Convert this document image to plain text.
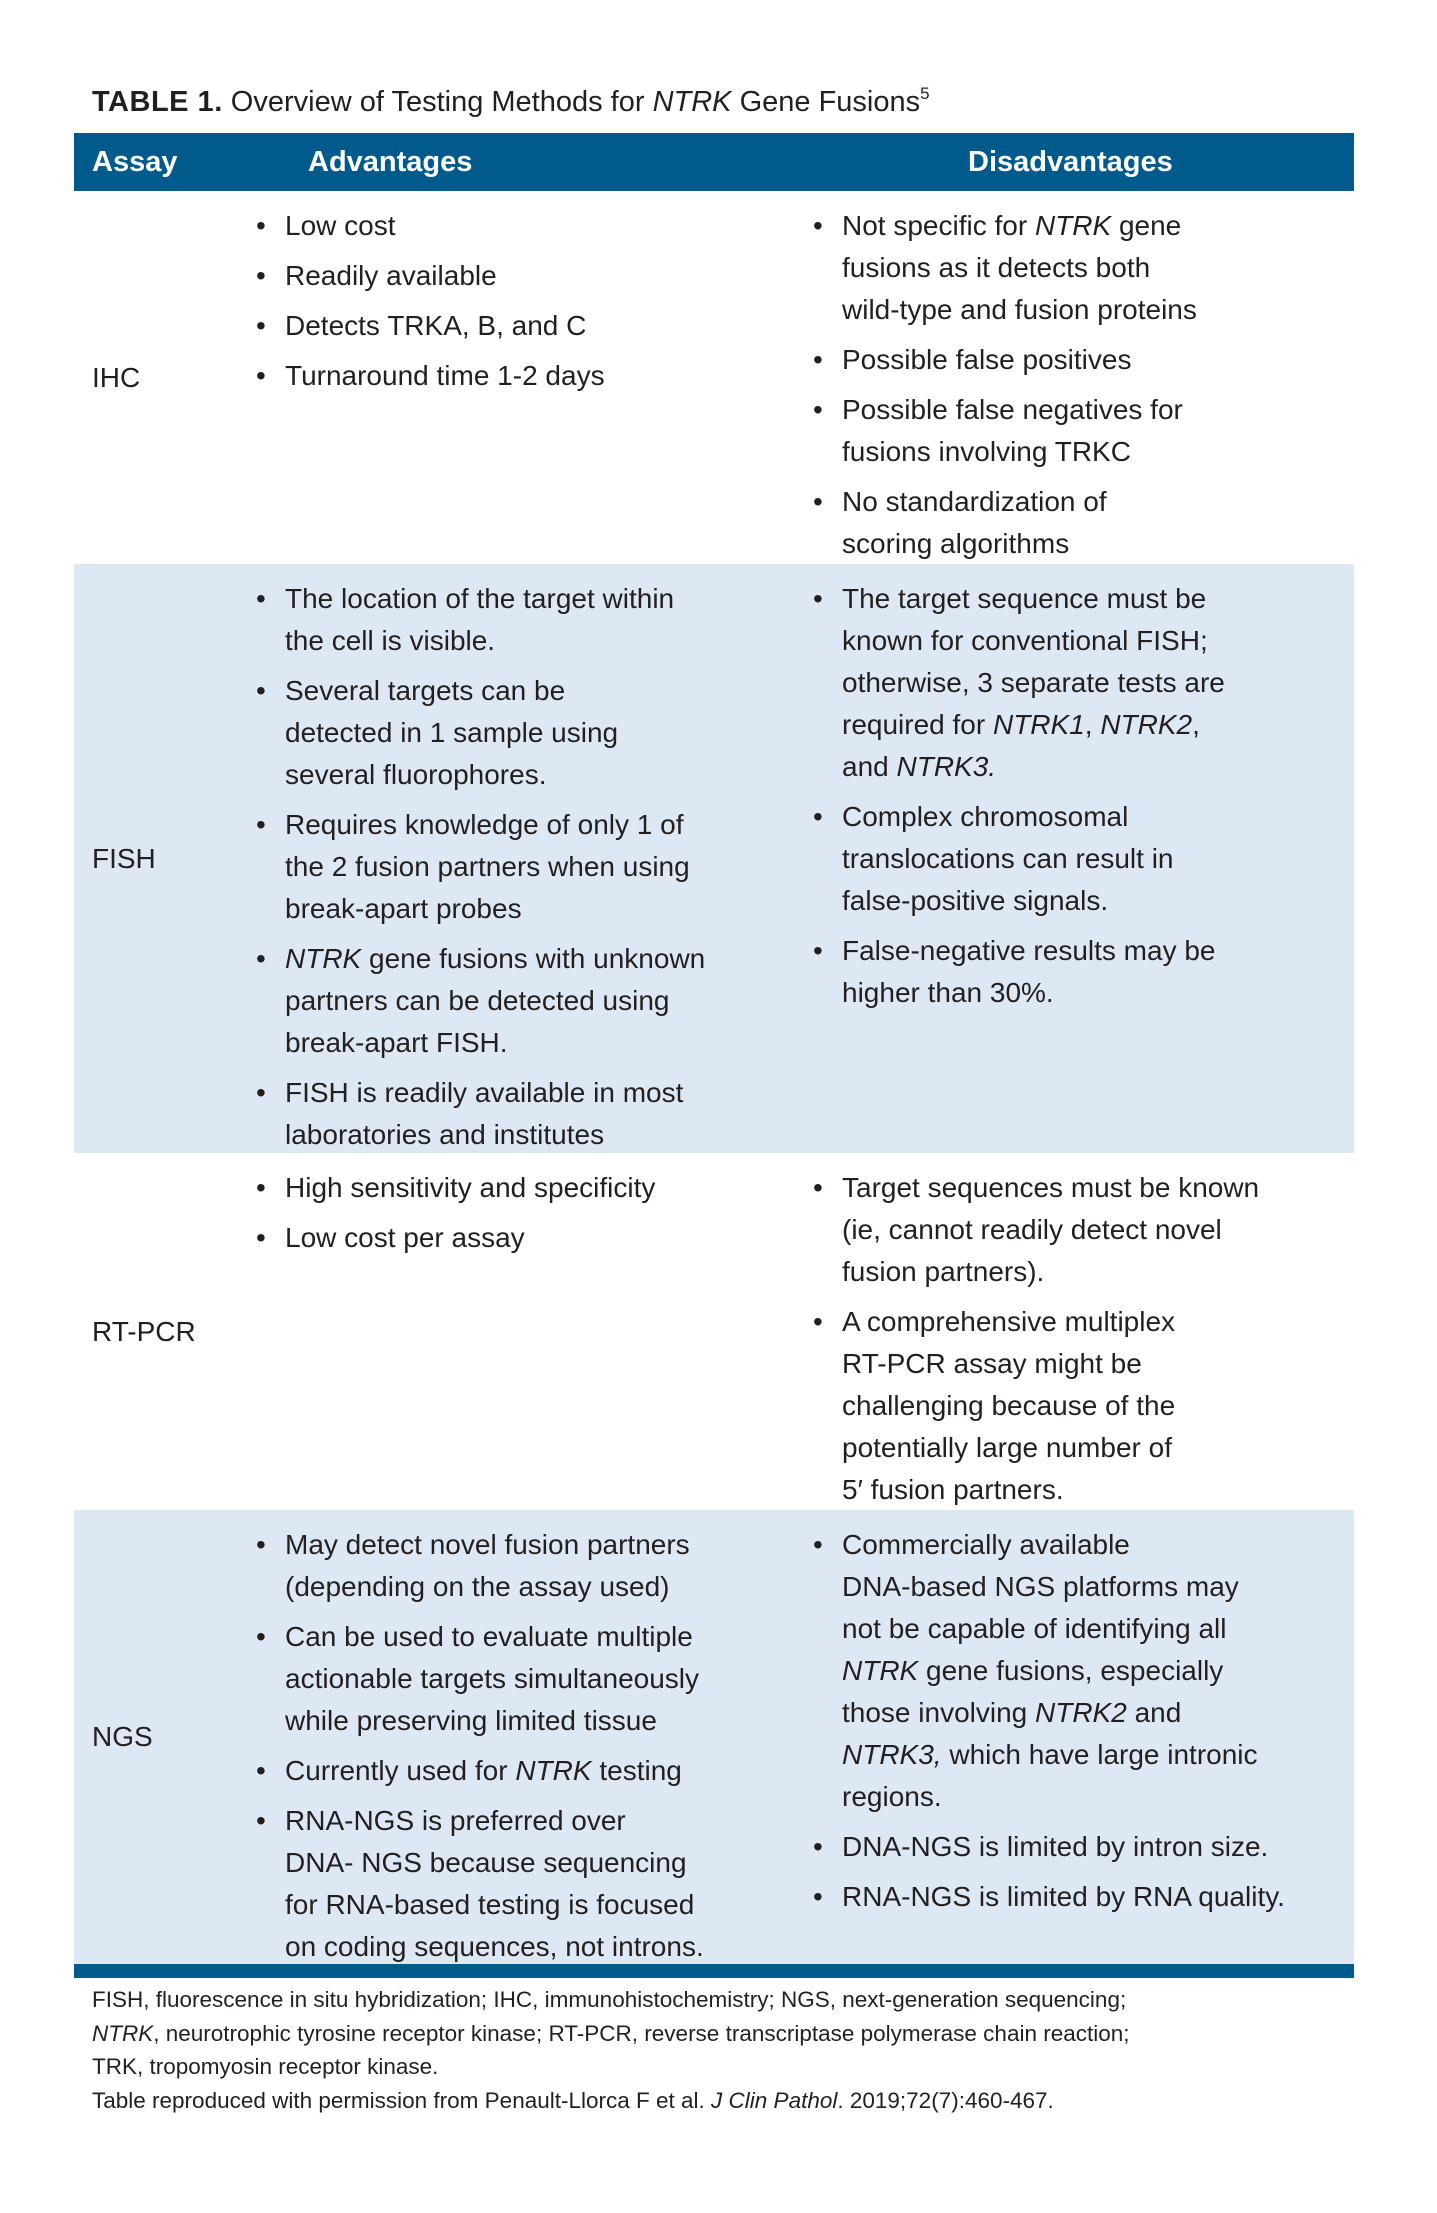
TABLE 1. Overview of Testing Methods for NTRK Gene Fusions$^5$
Assay	Advantages	Disadvantages
IHC
• Low cost
• Readily available
• Detects TRKA, B, and C
• Turnaround time 1-2 days
• Not specific for NTRK gene
fusions as it detects both
wild-type and fusion proteins
• Possible false positives
• Possible false negatives for
fusions involving TRKC
• No standardization of
scoring algorithms
FISH
• The location of the target within
the cell is visible.
• Several targets can be
detected in 1 sample using
several fluorophores.
• Requires knowledge of only 1 of
the 2 fusion partners when using
break-apart probes
• NTRK gene fusions with unknown
partners can be detected using
break-apart FISH.
• FISH is readily available in most
laboratories and institutes
• The target sequence must be
known for conventional FISH;
otherwise, 3 separate tests are
required for NTRK1, NTRK2,
and NTRK3.
• Complex chromosomal
translocations can result in
false-positive signals.
• False-negative results may be
higher than 30%.
RT-PCR
• High sensitivity and specificity
• Low cost per assay
• Target sequences must be known
(ie, cannot readily detect novel
fusion partners).
• A comprehensive multiplex
RT-PCR assay might be
challenging because of the
potentially large number of
5′ fusion partners.
NGS
• May detect novel fusion partners
(depending on the assay used)
• Can be used to evaluate multiple
actionable targets simultaneously
while preserving limited tissue
• Currently used for NTRK testing
• RNA-NGS is preferred over
DNA- NGS because sequencing
for RNA-based testing is focused
on coding sequences, not introns.
• Commercially available
DNA-based NGS platforms may
not be capable of identifying all
NTRK gene fusions, especially
those involving NTRK2 and
NTRK3, which have large intronic
regions.
• DNA-NGS is limited by intron size.
• RNA-NGS is limited by RNA quality.
FISH, fluorescence in situ hybridization; IHC, immunohistochemistry; NGS, next-generation sequencing;
NTRK, neurotrophic tyrosine receptor kinase; RT-PCR, reverse transcriptase polymerase chain reaction;
TRK, tropomyosin receptor kinase.
Table reproduced with permission from Penault-Llorca F et al. J Clin Pathol. 2019;72(7):460-467.
